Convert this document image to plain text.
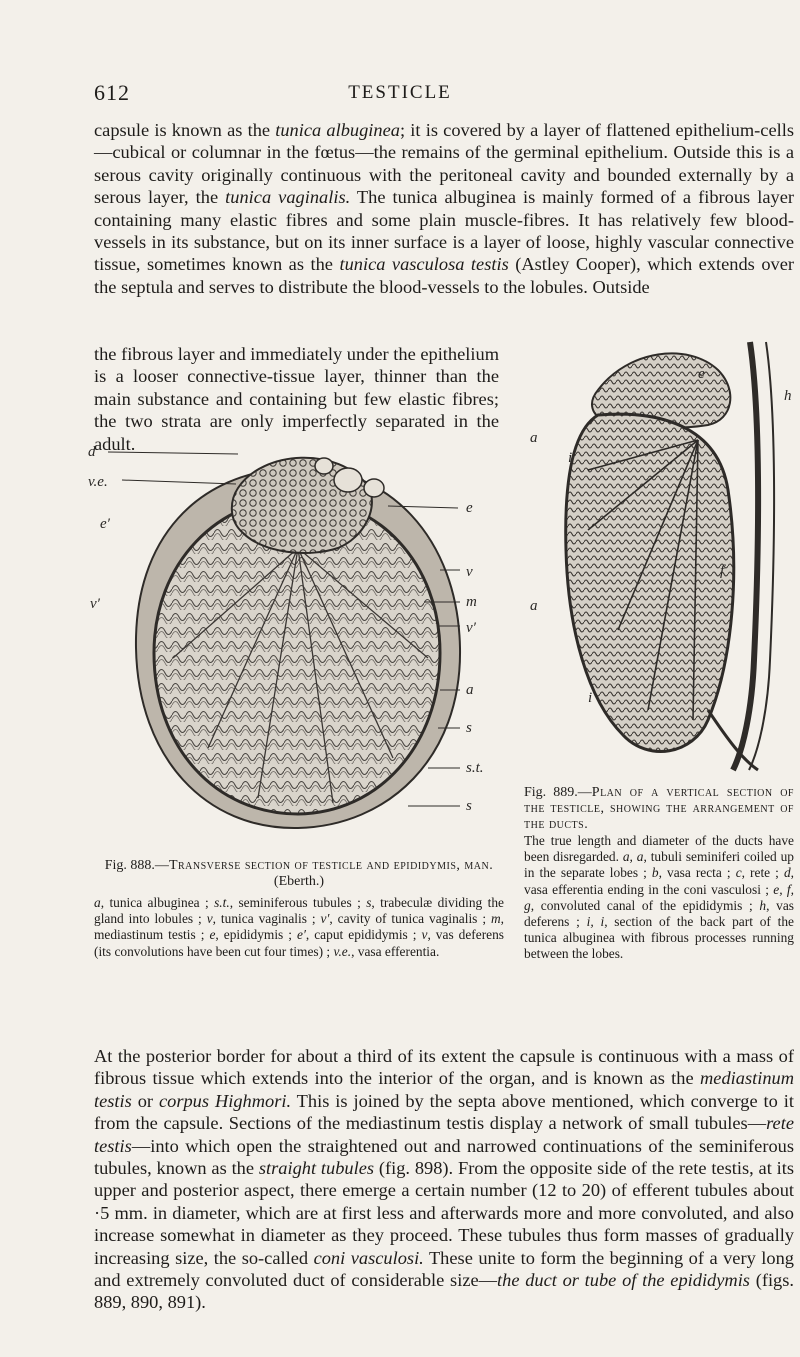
612	TESTICLE

capsule is known as the tunica albuginea; it is covered by a layer of flattened epithelium-cells—cubical or columnar in the fœtus—the remains of the germinal epithelium. Outside this is a serous cavity originally continuous with the peritoneal cavity and bounded externally by a serous layer, the tunica vaginalis. The tunica albuginea is mainly formed of a fibrous layer containing many elastic fibres and some plain muscle-fibres. It has relatively few blood-vessels in its substance, but on its inner surface is a layer of loose, highly vascular connective tissue, sometimes known as the tunica vasculosa testis (Astley Cooper), which extends over the septula and serves to distribute the blood-vessels to the lobules. Outside

the fibrous layer and immediately under the epithelium is a looser connective-tissue layer, thinner than the main substance and containing but few elastic fibres; the two strata are only imperfectly separated in the adult.

d
v.e.
e′
v′
e
v
m
v′
a
s
s.t.
s
e
h
a
i
f
a
i

Fig. 888.—Transverse section of testicle and epididymis, man. (Eberth.)

a, tunica albuginea ; s.t., seminiferous tubules ; s, trabeculæ dividing the gland into lobules ; v, tunica vaginalis ; v′, cavity of tunica vaginalis ; m, mediastinum testis ; e, epididymis ; e′, caput epididymis ; v, vas deferens (its convolutions have been cut four times) ; v.e., vasa efferentia.

Fig. 889.—Plan of a vertical section of the testicle, showing the arrangement of the ducts.

The true length and diameter of the ducts have been disregarded. a, a, tubuli seminiferi coiled up in the separate lobes ; b, vasa recta ; c, rete ; d, vasa efferentia ending in the coni vasculosi ; e, f, g, convoluted canal of the epididymis ; h, vas deferens ; i, i, section of the back part of the tunica albuginea with fibrous processes running between the lobes.

At the posterior border for about a third of its extent the capsule is continuous with a mass of fibrous tissue which extends into the interior of the organ, and is known as the mediastinum testis or corpus Highmori. This is joined by the septa above mentioned, which converge to it from the capsule. Sections of the mediastinum testis display a network of small tubules—rete testis—into which open the straightened out and narrowed continuations of the seminiferous tubules, known as the straight tubules (fig. 898). From the opposite side of the rete testis, at its upper and posterior aspect, there emerge a certain number (12 to 20) of efferent tubules about ·5 mm. in diameter, which are at first less and afterwards more and more convoluted, and also increase somewhat in diameter as they proceed. These tubules thus form masses of gradually increasing size, the so-called coni vasculosi. These unite to form the beginning of a very long and extremely convoluted duct of considerable size—the duct or tube of the epididymis (figs. 889, 890, 891).
